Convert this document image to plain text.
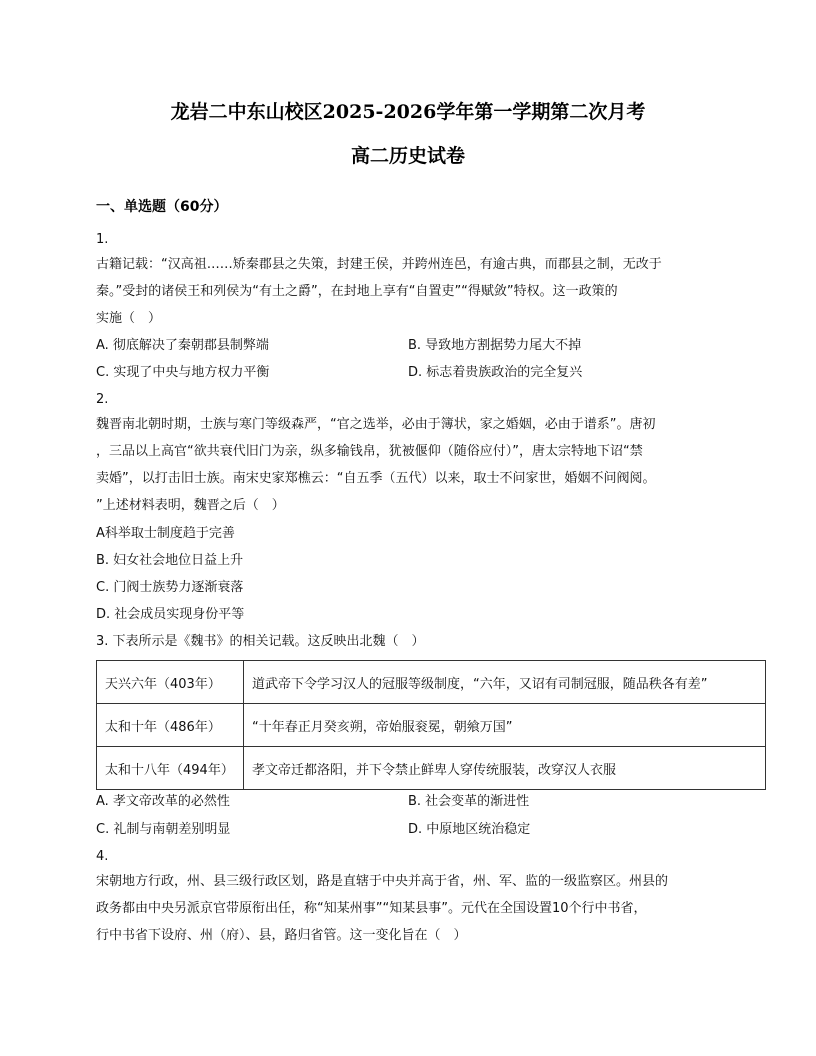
龙岩二中东山校区2025-2026学年第一学期第二次月考
高二历史试卷
一、单选题（60分）
1.
古籍记载：“汉高祖……矫秦郡县之失策，封建王侯，并跨州连邑，有逾古典，而郡县之制，无改于
秦。”受封的诸侯王和列侯为“有土之爵”，在封地上享有“自置吏”“得赋敛”特权。这一政策的
实施（　）
A. 彻底解决了秦朝郡县制弊端	B. 导致地方割据势力尾大不掉
C. 实现了中央与地方权力平衡	D. 标志着贵族政治的完全复兴
2.
魏晋南北朝时期，士族与寒门等级森严，“官之选举，必由于簿状，家之婚姻，必由于谱系”。唐初
，三品以上高官“欲共衰代旧门为亲，纵多输钱帛，犹被偃仰（随俗应付）”，唐太宗特地下诏“禁
卖婚”，以打击旧士族。南宋史家郑樵云：“自五季（五代）以来，取士不问家世，婚姻不问阀阅。
”上述材料表明，魏晋之后（　）
A科举取士制度趋于完善
B. 妇女社会地位日益上升
C. 门阀士族势力逐渐衰落
D. 社会成员实现身份平等
3. 下表所示是《魏书》的相关记载。这反映出北魏（　）
天兴六年（403年）	道武帝下令学习汉人的冠服等级制度，“六年，又诏有司制冠服，随品秩各有差”
太和十年（486年）	“十年春正月癸亥朔，帝始服衮冕，朝飨万国”
太和十八年（494年）	孝文帝迁都洛阳，并下令禁止鲜卑人穿传统服装，改穿汉人衣服
A. 孝文帝改革的必然性	B. 社会变革的渐进性
C. 礼制与南朝差别明显	D. 中原地区统治稳定
4.
宋朝地方行政，州、县三级行政区划，路是直辖于中央并高于省，州、军、监的一级监察区。州县的
政务都由中央另派京官带原衔出任，称“知某州事”“知某县事”。元代在全国设置10个行中书省，
行中书省下设府、州（府）、县，路归省管。这一变化旨在（　）
